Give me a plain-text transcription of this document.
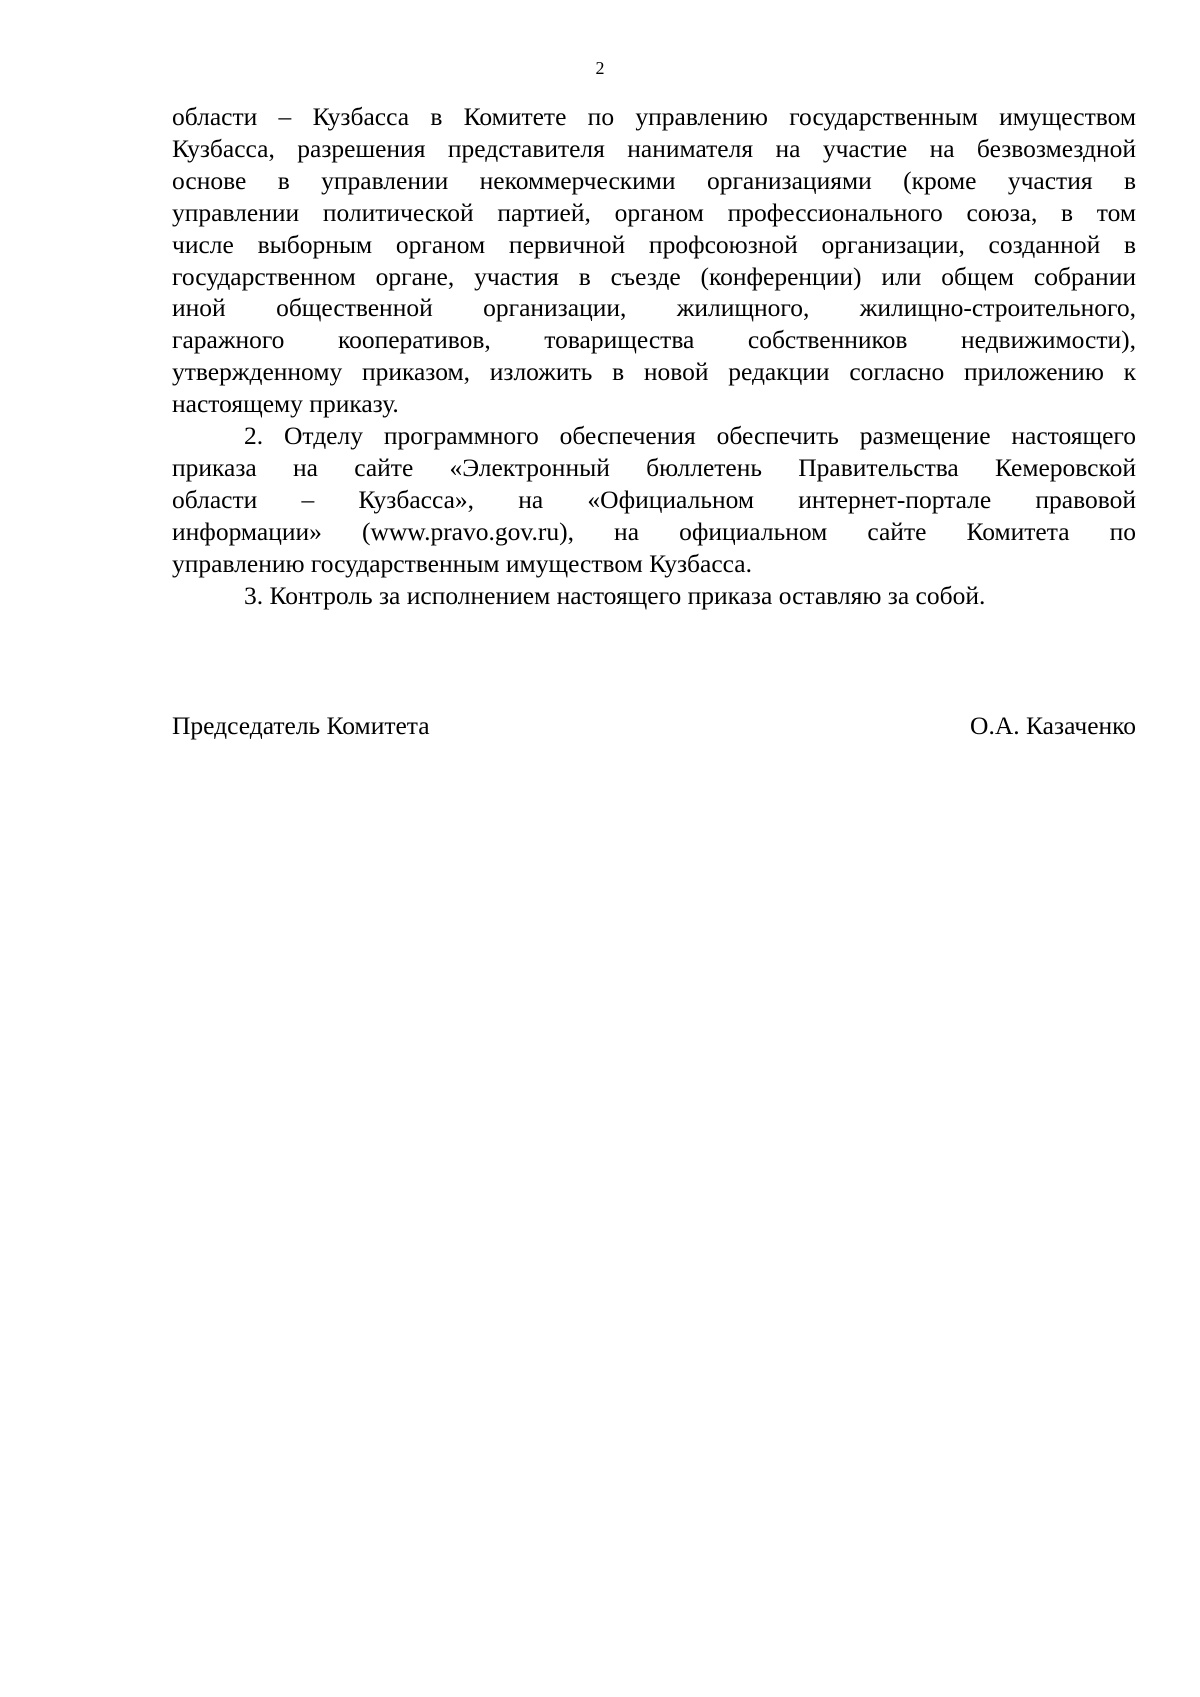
2

области – Кузбасса в Комитете по управлению государственным имуществом
Кузбасса, разрешения представителя нанимателя на участие на безвозмездной
основе в управлении некоммерческими организациями (кроме участия в
управлении политической партией, органом профессионального союза, в том
числе выборным органом первичной профсоюзной организации, созданной в
государственном органе, участия в съезде (конференции) или общем собрании
иной общественной организации, жилищного, жилищно-строительного,
гаражного кооперативов, товарищества собственников недвижимости),
утвержденному приказом, изложить в новой редакции согласно приложению к
настоящему приказу.

2. Отделу программного обеспечения обеспечить размещение настоящего
приказа на сайте «Электронный бюллетень Правительства Кемеровской
области – Кузбасса», на «Официальном интернет-портале правовой
информации» (www.pravo.gov.ru), на официальном сайте Комитета по
управлению государственным имуществом Кузбасса.

3. Контроль за исполнением настоящего приказа оставляю за собой.

Председатель Комитета	О.А. Казаченко
